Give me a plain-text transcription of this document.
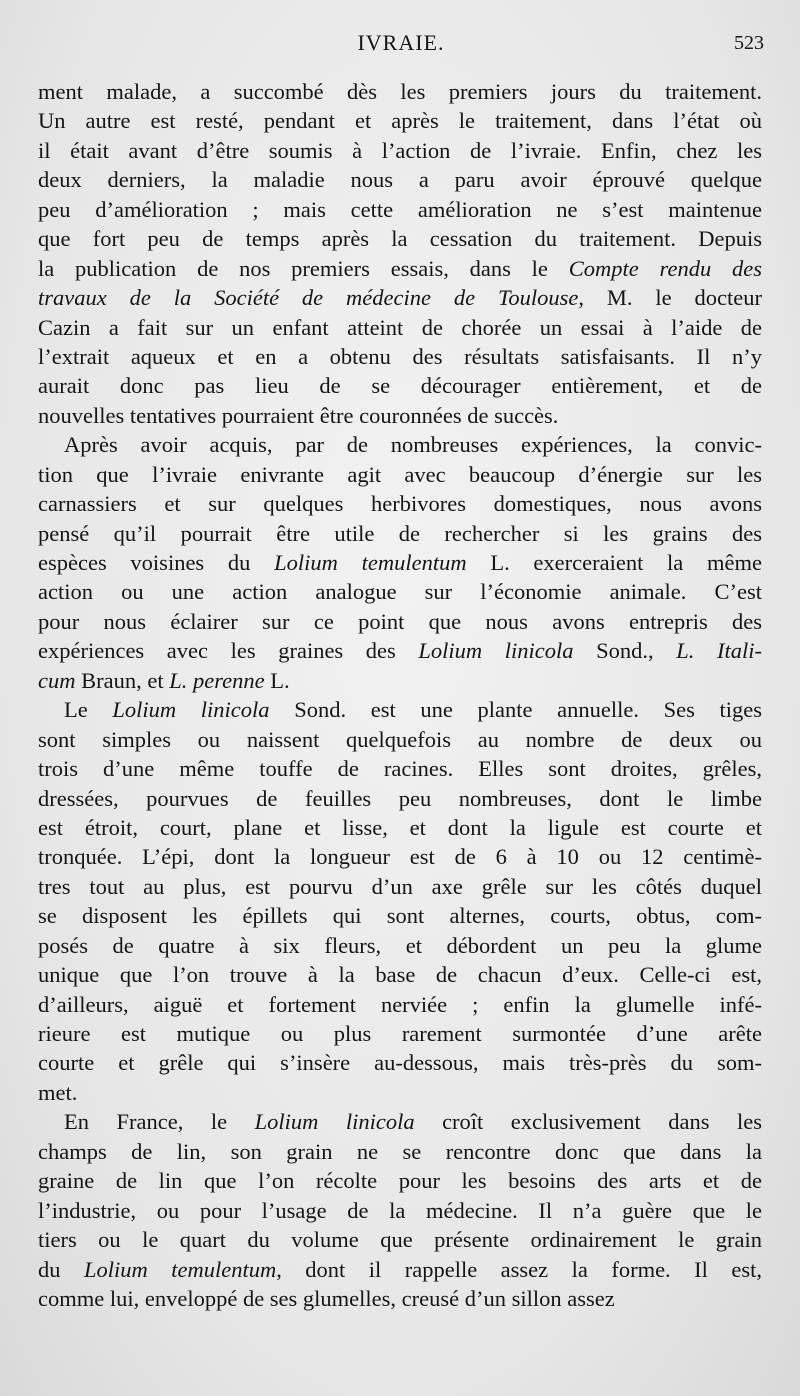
IVRAIE.	523
ment malade, a succombé dès les premiers jours du traitement.
Un autre est resté, pendant et après le traitement, dans l’état où
il était avant d’être soumis à l’action de l’ivraie. Enfin, chez les
deux derniers, la maladie nous a paru avoir éprouvé quelque
peu d’amélioration ; mais cette amélioration ne s’est maintenue
que fort peu de temps après la cessation du traitement. Depuis
la publication de nos premiers essais, dans le Compte rendu des
travaux de la Société de médecine de Toulouse, M. le docteur
Cazin a fait sur un enfant atteint de chorée un essai à l’aide de
l’extrait aqueux et en a obtenu des résultats satisfaisants. Il n’y
aurait donc pas lieu de se décourager entièrement, et de
nouvelles tentatives pourraient être couronnées de succès.
Après avoir acquis, par de nombreuses expériences, la convic-
tion que l’ivraie enivrante agit avec beaucoup d’énergie sur les
carnassiers et sur quelques herbivores domestiques, nous avons
pensé qu’il pourrait être utile de rechercher si les grains des
espèces voisines du Lolium temulentum L. exerceraient la même
action ou une action analogue sur l’économie animale. C’est
pour nous éclairer sur ce point que nous avons entrepris des
expériences avec les graines des Lolium linicola Sond., L. Itali-
cum Braun, et L. perenne L.
Le Lolium linicola Sond. est une plante annuelle. Ses tiges
sont simples ou naissent quelquefois au nombre de deux ou
trois d’une même touffe de racines. Elles sont droites, grêles,
dressées, pourvues de feuilles peu nombreuses, dont le limbe
est étroit, court, plane et lisse, et dont la ligule est courte et
tronquée. L’épi, dont la longueur est de 6 à 10 ou 12 centimè-
tres tout au plus, est pourvu d’un axe grêle sur les côtés duquel
se disposent les épillets qui sont alternes, courts, obtus, com-
posés de quatre à six fleurs, et débordent un peu la glume
unique que l’on trouve à la base de chacun d’eux. Celle-ci est,
d’ailleurs, aiguë et fortement nerviée ; enfin la glumelle infé-
rieure est mutique ou plus rarement surmontée d’une arête
courte et grêle qui s’insère au-dessous, mais très-près du som-
met.
En France, le Lolium linicola croît exclusivement dans les
champs de lin, son grain ne se rencontre donc que dans la
graine de lin que l’on récolte pour les besoins des arts et de
l’industrie, ou pour l’usage de la médecine. Il n’a guère que le
tiers ou le quart du volume que présente ordinairement le grain
du Lolium temulentum, dont il rappelle assez la forme. Il est,
comme lui, enveloppé de ses glumelles, creusé d’un sillon assez
